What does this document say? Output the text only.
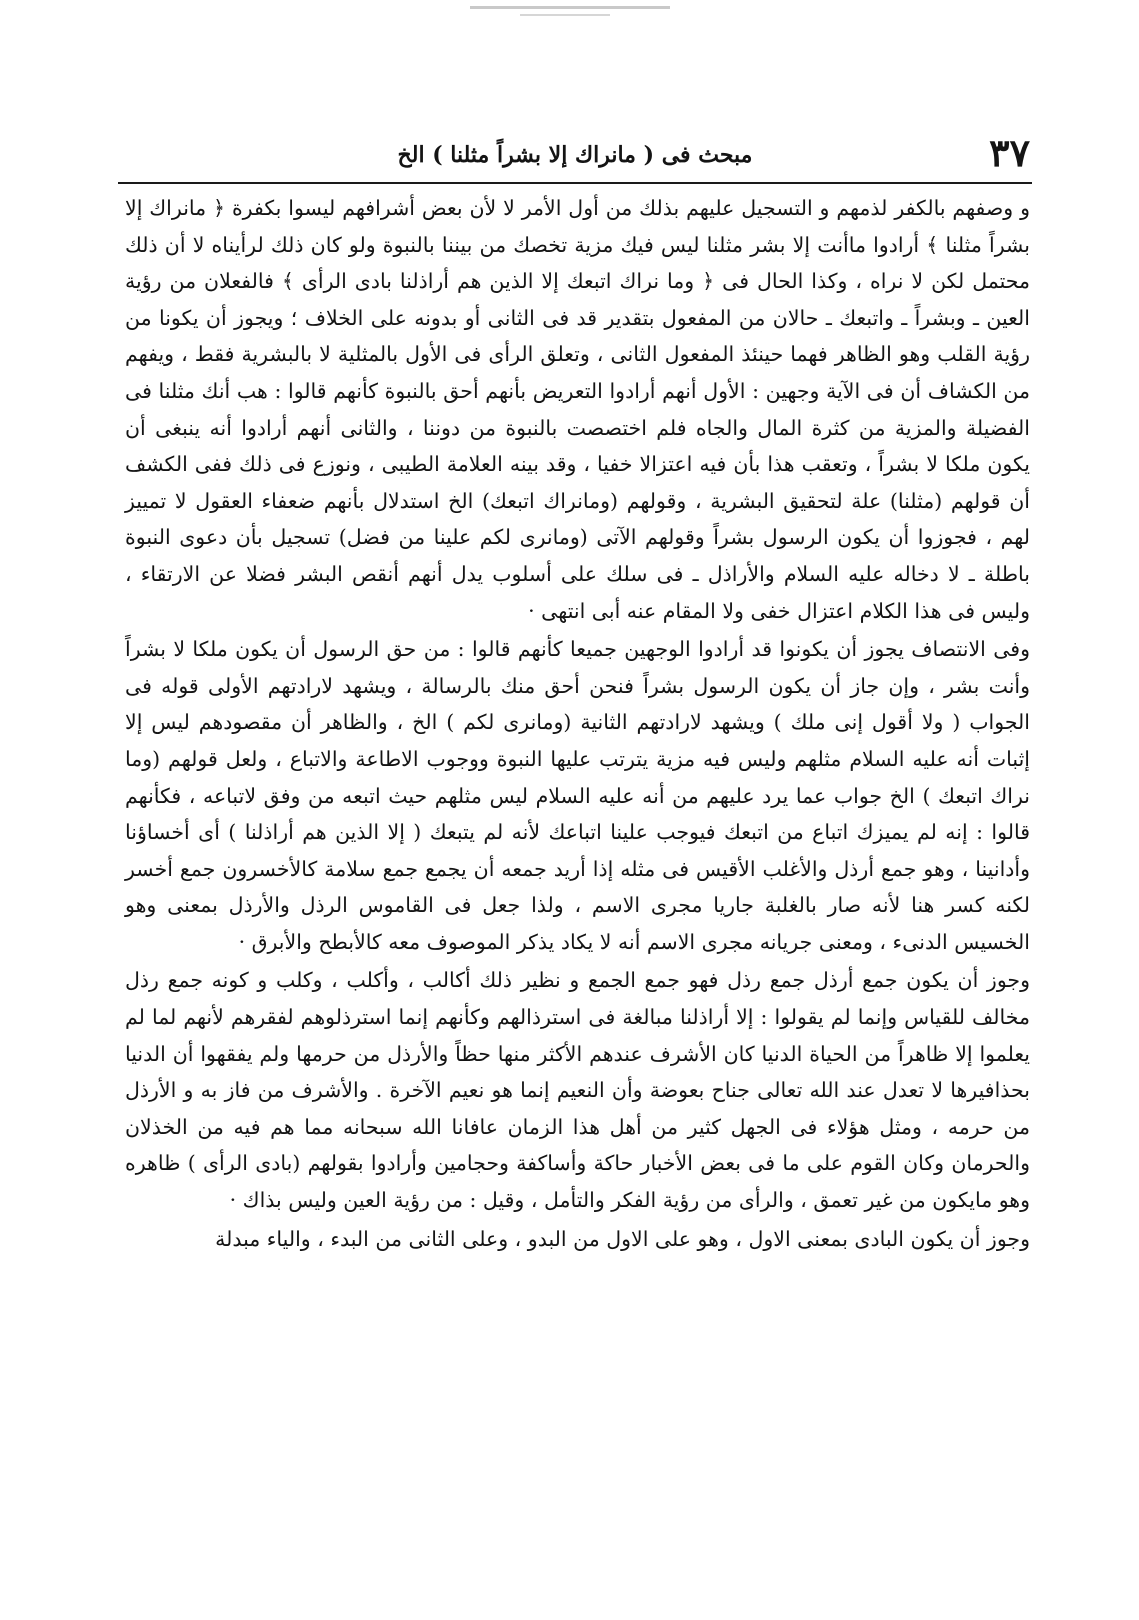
٣٧
مبحث فى ( مانراك إلا بشراً مثلنا ) الخ

و وصفهم بالكفر لذمهم و التسجيل عليهم بذلك من أول الأمر لا لأن بعض أشرافهم ليسوا بكفرة ﴿ مانراك إلا بشراً مثلنا ﴾ أرادوا ماأنت إلا بشر مثلنا ليس فيك مزية تخصك من بيننا بالنبوة ولو كان ذلك لرأيناه لا أن ذلك محتمل لكن لا نراه ، وكذا الحال فى ﴿ وما نراك اتبعك إلا الذين هم أراذلنا بادى الرأى ﴾ فالفعلان من رؤية العين ـ وبشراً ـ واتبعك ـ حالان من المفعول بتقدير قد فى الثانى أو بدونه على الخلاف ؛ ويجوز أن يكونا من رؤية القلب وهو الظاهر فهما حينئذ المفعول الثانى ، وتعلق الرأى فى الأول بالمثلية لا بالبشرية فقط ، ويفهم من الكشاف أن فى الآية وجهين : الأول أنهم أرادوا التعريض بأنهم أحق بالنبوة كأنهم قالوا : هب أنك مثلنا فى الفضيلة والمزية من كثرة المال والجاه فلم اختصصت بالنبوة من دوننا ، والثانى أنهم أرادوا أنه ينبغى أن يكون ملكا لا بشراً ، وتعقب هذا بأن فيه اعتزالا خفيا ، وقد بينه العلامة الطيبى ، ونوزع فى ذلك ففى الكشف أن قولهم (مثلنا) علة لتحقيق البشرية ، وقولهم (ومانراك اتبعك) الخ استدلال بأنهم ضعفاء العقول لا تمييز لهم ، فجوزوا أن يكون الرسول بشراً وقولهم الآتى (ومانرى لكم علينا من فضل) تسجيل بأن دعوى النبوة باطلة ـ لا دخاله عليه السلام والأراذل ـ فى سلك على أسلوب يدل أنهم أنقص البشر فضلا عن الارتقاء ، وليس فى هذا الكلام اعتزال خفى ولا المقام عنه أبى انتهى ·

وفى الانتصاف يجوز أن يكونوا قد أرادوا الوجهين جميعا كأنهم قالوا : من حق الرسول أن يكون ملكا لا بشراً وأنت بشر ، وإن جاز أن يكون الرسول بشراً فنحن أحق منك بالرسالة ، ويشهد لارادتهم الأولى قوله فى الجواب ( ولا أقول إنى ملك ) ويشهد لارادتهم الثانية (ومانرى لكم ) الخ ، والظاهر أن مقصودهم ليس إلا إثبات أنه عليه السلام مثلهم وليس فيه مزية يترتب عليها النبوة ووجوب الاطاعة والاتباع ، ولعل قولهم (وما نراك اتبعك ) الخ جواب عما يرد عليهم من أنه عليه السلام ليس مثلهم حيث اتبعه من وفق لاتباعه ، فكأنهم قالوا : إنه لم يميزك اتباع من اتبعك فيوجب علينا اتباعك لأنه لم يتبعك ( إلا الذين هم أراذلنا ) أى أخساؤنا وأدانينا ، وهو جمع أرذل والأغلب الأقيس فى مثله إذا أريد جمعه أن يجمع جمع سلامة كالأخسرون جمع أخسر لكنه كسر هنا لأنه صار بالغلبة جاريا مجرى الاسم ، ولذا جعل فى القاموس الرذل والأرذل بمعنى وهو الخسيس الدنىء ، ومعنى جريانه مجرى الاسم أنه لا يكاد يذكر الموصوف معه كالأبطح والأبرق ·

وجوز أن يكون جمع أرذل جمع رذل فهو جمع الجمع و نظير ذلك أكالب ، وأكلب ، وكلب و كونه جمع رذل مخالف للقياس وإنما لم يقولوا : إلا أراذلنا مبالغة فى استرذالهم وكأنهم إنما استرذلوهم لفقرهم لأنهم لما لم يعلموا إلا ظاهراً من الحياة الدنيا كان الأشرف عندهم الأكثر منها حظاً والأرذل من حرمها ولم يفقهوا أن الدنيا بحذافيرها لا تعدل عند الله تعالى جناح بعوضة وأن النعيم إنما هو نعيم الآخرة . والأشرف من فاز به و الأرذل من حرمه ، ومثل هؤلاء فى الجهل كثير من أهل هذا الزمان عافانا الله سبحانه مما هم فيه من الخذلان والحرمان وكان القوم على ما فى بعض الأخبار حاكة وأساكفة وحجامين وأرادوا بقولهم (بادى الرأى ) ظاهره وهو مايكون من غير تعمق ، والرأى من رؤية الفكر والتأمل ، وقيل : من رؤية العين وليس بذاك ·

وجوز أن يكون البادى بمعنى الاول ، وهو على الاول من البدو ، وعلى الثانى من البدء ، والياء مبدلة
